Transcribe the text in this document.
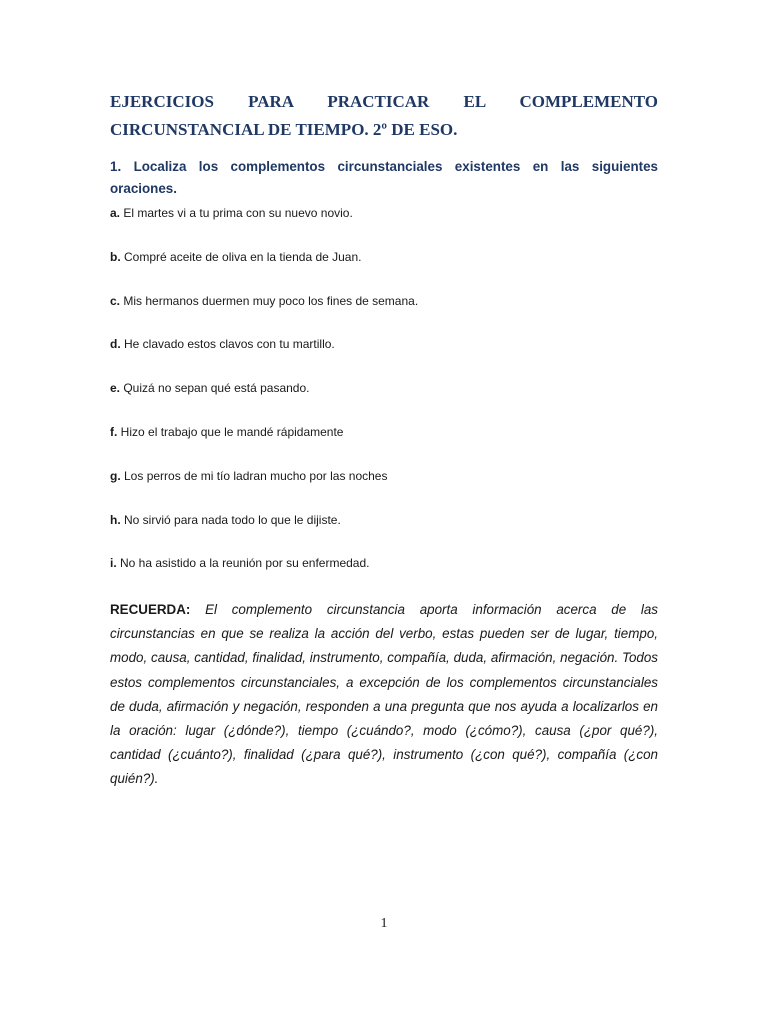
EJERCICIOS PARA PRACTICAR EL COMPLEMENTO
CIRCUNSTANCIAL DE TIEMPO. 2º DE ESO.

1. Localiza los complementos circunstanciales existentes en las siguientes oraciones.

a. El martes vi a tu prima con su nuevo novio.
b. Compré aceite de oliva en la tienda de Juan.
c. Mis hermanos duermen muy poco los fines de semana.
d. He clavado estos clavos con tu martillo.
e. Quizá no sepan qué está pasando.
f. Hizo el trabajo que le mandé rápidamente
g. Los perros de mi tío ladran mucho por las noches
h. No sirvió para nada todo lo que le dijiste.
i. No ha asistido a la reunión por su enfermedad.

RECUERDA: El complemento circunstancia aporta información acerca de las circunstancias en que se realiza la acción del verbo, estas pueden ser de lugar, tiempo, modo, causa, cantidad, finalidad, instrumento, compañía, duda, afirmación, negación. Todos estos complementos circunstanciales, a excepción de los complementos circunstanciales de duda, afirmación y negación, responden a una pregunta que nos ayuda a localizarlos en la oración: lugar (¿dónde?), tiempo (¿cuándo?, modo (¿cómo?), causa (¿por qué?), cantidad (¿cuánto?), finalidad (¿para qué?), instrumento (¿con qué?), compañía (¿con quién?).

1
